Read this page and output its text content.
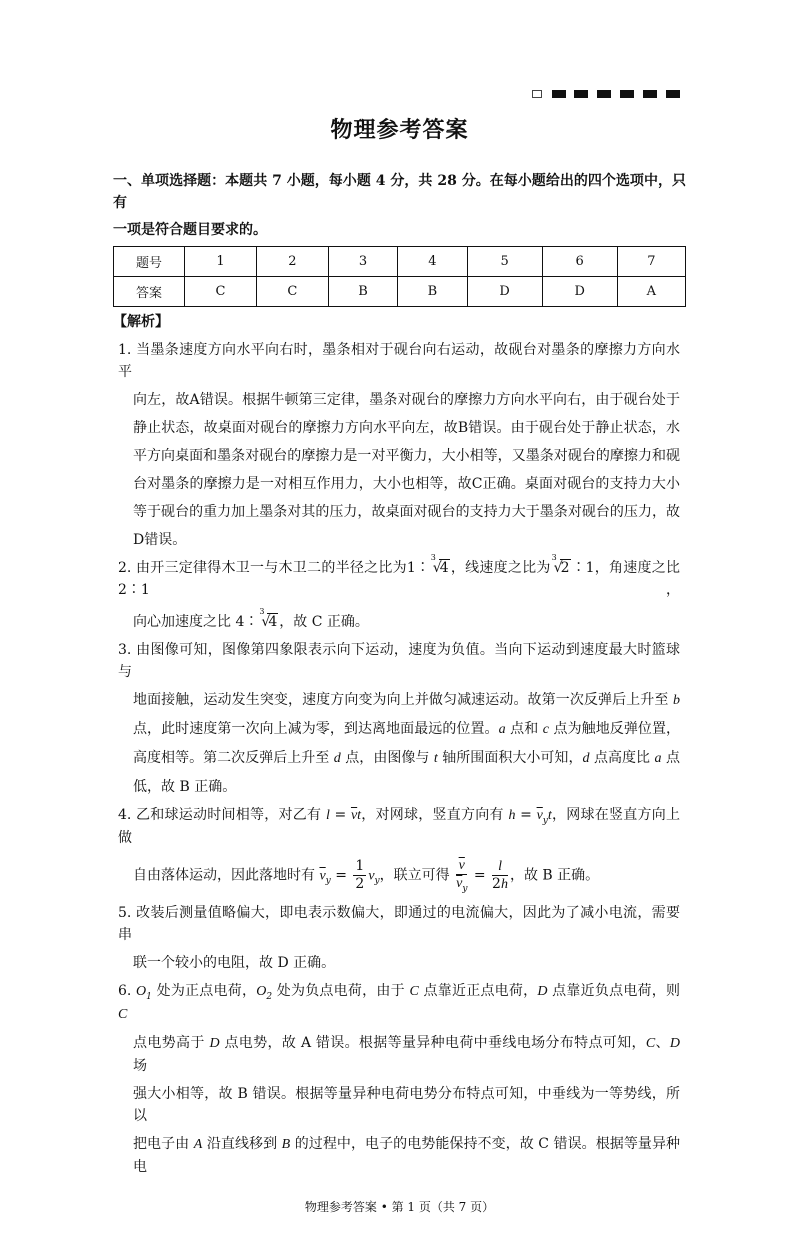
物理参考答案
一、单项选择题：本题共 7 小题，每小题 4 分，共 28 分。在每小题给出的四个选项中，只有
一项是符合题目要求的。
题号	1	2	3	4	5	6	7
答案	C	C	B	B	D	D	A
【解析】
1. 当墨条速度方向水平向右时，墨条相对于砚台向右运动，故砚台对墨条的摩擦力方向水平
向左，故A错误。根据牛顿第三定律，墨条对砚台的摩擦力方向水平向右，由于砚台处于
静止状态，故桌面对砚台的摩擦力方向水平向左，故B错误。由于砚台处于静止状态，水
平方向桌面和墨条对砚台的摩擦力是一对平衡力，大小相等，又墨条对砚台的摩擦力和砚
台对墨条的摩擦力是一对相互作用力，大小也相等，故C正确。桌面对砚台的支持力大小
等于砚台的重力加上墨条对其的压力，故桌面对砚台的支持力大于墨条对砚台的压力，故
D错误。
2. 由开三定律得木卫一与木卫二的半径之比为1∶
3
√
4 ，线速度之比为
3
√
2 ∶1，角速度之比 2∶1，
向心加速度之比 4∶
3
√
4 ，故 C 正确。
3. 由图像可知，图像第四象限表示向下运动，速度为负值。当向下运动到速度最大时篮球与
地面接触，运动发生突变，速度方向变为向上并做匀减速运动。故第一次反弹后上升至 b
点，此时速度第一次向上减为零，到达离地面最远的位置。a 点和 c 点为触地反弹位置，
高度相等。第二次反弹后上升至 d 点，由图像与 t 轴所围面积大小可知，d 点高度比 a 点
低，故 B 正确。
4. 乙和球运动时间相等，对乙有 $l = \overline{v}t$，对网球，竖直方向有 $h = \overline{v}_yt$，网球在竖直方向上做
自由落体运动，因此落地时有 $\overline{v}_y = \frac{1}{2} v_y$，联立可得 $\frac{\overline{v}}{\overline{v}_y} = \frac{l}{2h}$ ，故 B 正确。
5. 改装后测量值略偏大，即电表示数偏大，即通过的电流偏大，因此为了减小电流，需要串
联一个较小的电阻，故 D 正确。
6. $O_1$ 处为正点电荷，$O_2$ 处为负点电荷，由于 C 点靠近正点电荷，D 点靠近负点电荷，则 C
点电势高于 D 点电势，故 A 错误。根据等量异种电荷中垂线电场分布特点可知，C、D 场
强大小相等，故 B 错误。根据等量异种电荷电势分布特点可知，中垂线为一等势线，所以
把电子由 A 沿直线移到 B 的过程中，电子的电势能保持不变，故 C 错误。根据等量异种电
物理参考答案 • 第 1 页（共 7 页）
